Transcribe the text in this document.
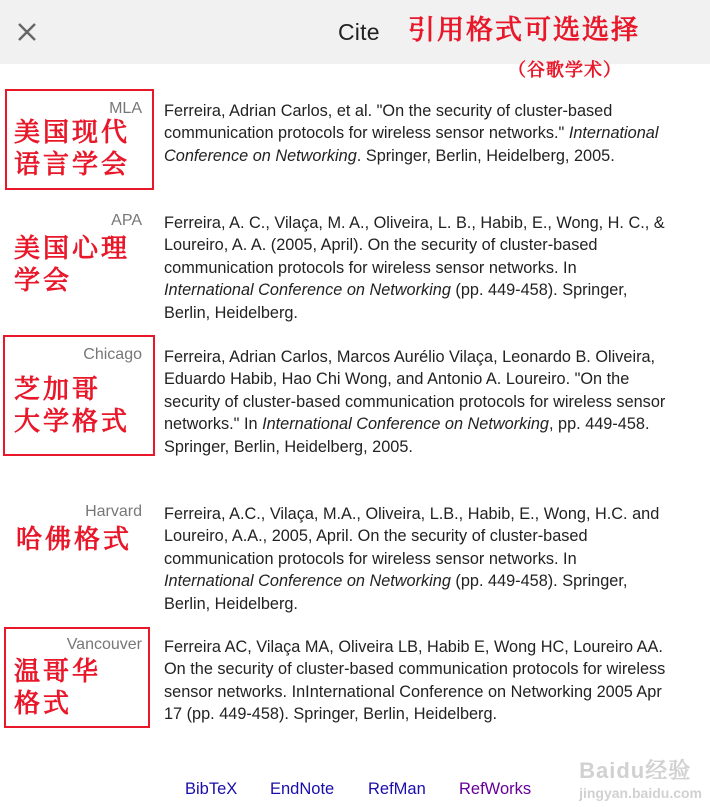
Cite 引用格式可选选择
（谷歌学术）
MLA Ferreira, Adrian Carlos, et al. "On the security of cluster-based communication protocols for wireless sensor networks." International Conference on Networking. Springer, Berlin, Heidelberg, 2005.
美国现代
语言学会
APA Ferreira, A. C., Vilaça, M. A., Oliveira, L. B., Habib, E., Wong, H. C., & Loureiro, A. A. (2005, April). On the security of cluster-based communication protocols for wireless sensor networks. In International Conference on Networking (pp. 449-458). Springer, Berlin, Heidelberg.
美国心理
学会
Chicago Ferreira, Adrian Carlos, Marcos Aurélio Vilaça, Leonardo B. Oliveira, Eduardo Habib, Hao Chi Wong, and Antonio A. Loureiro. "On the security of cluster-based communication protocols for wireless sensor networks." In International Conference on Networking, pp. 449-458. Springer, Berlin, Heidelberg, 2005.
芝加哥
大学格式
Harvard Ferreira, A.C., Vilaça, M.A., Oliveira, L.B., Habib, E., Wong, H.C. and Loureiro, A.A., 2005, April. On the security of cluster-based communication protocols for wireless sensor networks. In International Conference on Networking (pp. 449-458). Springer, Berlin, Heidelberg.
哈佛格式
Vancouver Ferreira AC, Vilaça MA, Oliveira LB, Habib E, Wong HC, Loureiro AA. On the security of cluster-based communication protocols for wireless sensor networks. InInternational Conference on Networking 2005 Apr 17 (pp. 449-458). Springer, Berlin, Heidelberg.
温哥华
格式
BibTeX EndNote RefMan RefWorks
Baidu经验
jingyan.baidu.com
